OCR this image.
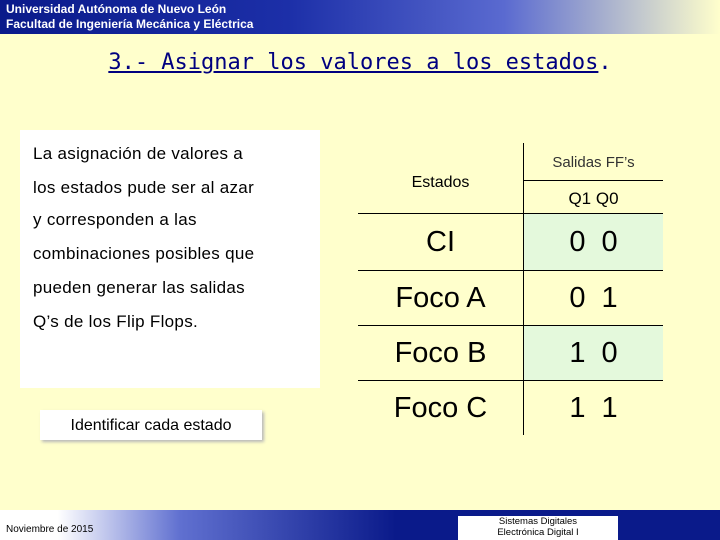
Universidad Autónoma de Nuevo León
Facultad de Ingeniería Mecánica y Eléctrica
3.- Asignar los valores a los estados.
La asignación de valores a
los estados pude ser al azar
y corresponden a las
combinaciones posibles que
pueden generar las salidas
Q’s de los Flip Flops.
Identificar cada estado
Estados
Salidas FF’s
Q1 Q0
CI	0  0
Foco A	0  1
Foco B	1  0
Foco C	1  1
Noviembre de 2015
Sistemas Digitales
Electrónica Digital I
